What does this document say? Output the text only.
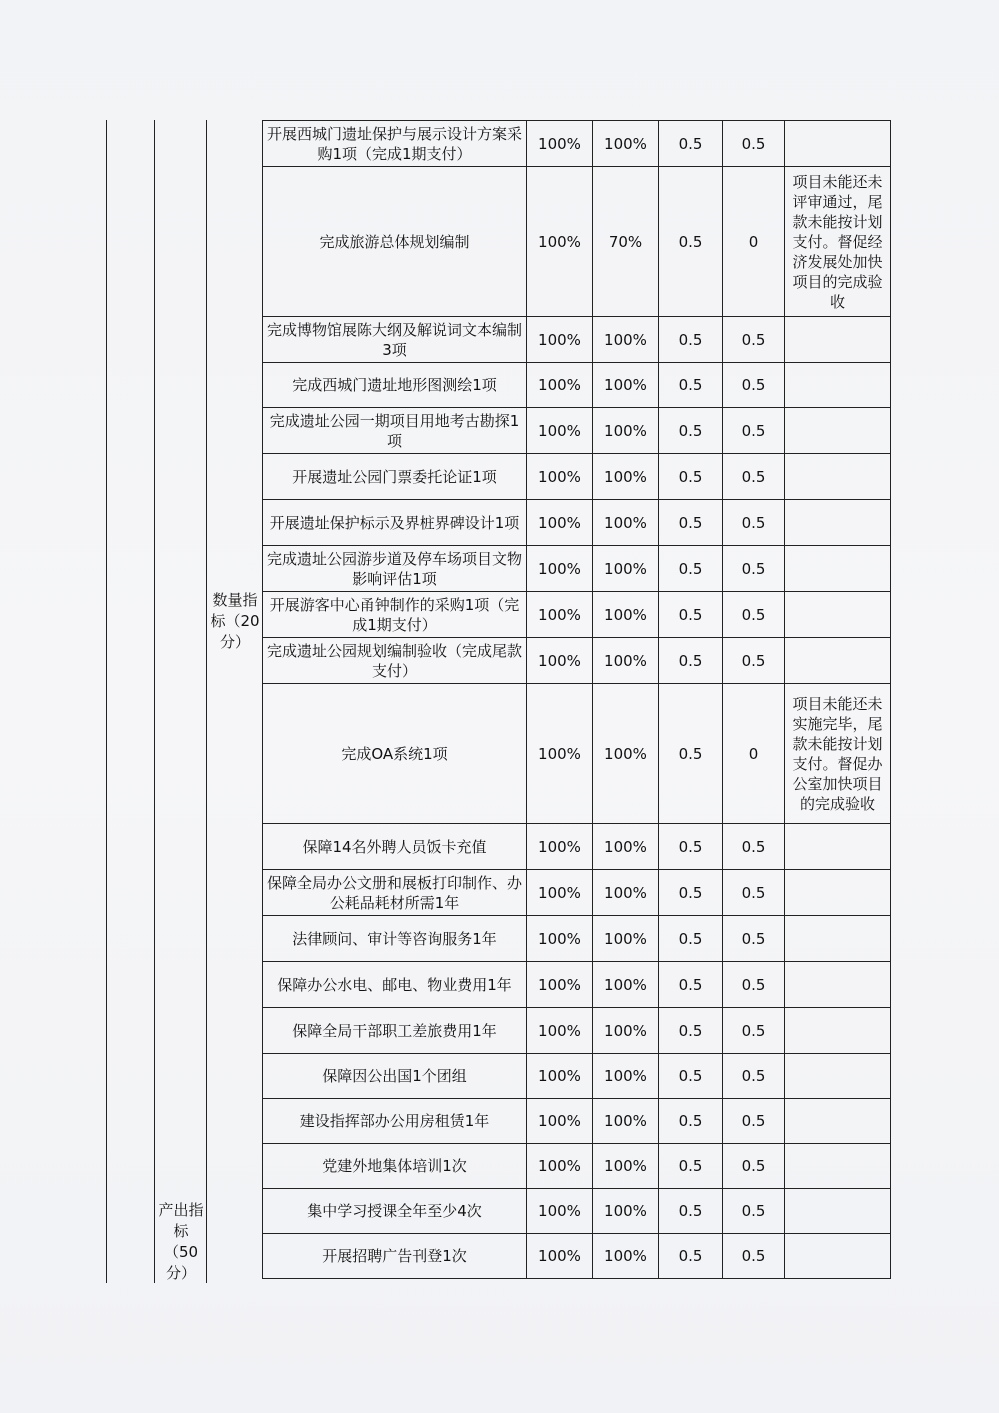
数量指标（20分）
产出指标（50分）
开展西城门遗址保护与展示设计方案采购1项（完成1期支付）	100%	100%	0.5	0.5	
完成旅游总体规划编制	100%	70%	0.5	0	项目未能还未评审通过，尾款未能按计划支付。督促经济发展处加快项目的完成验收
完成博物馆展陈大纲及解说词文本编制3项	100%	100%	0.5	0.5	
完成西城门遗址地形图测绘1项	100%	100%	0.5	0.5	
完成遗址公园一期项目用地考古勘探1项	100%	100%	0.5	0.5	
开展遗址公园门票委托论证1项	100%	100%	0.5	0.5	
开展遗址保护标示及界桩界碑设计1项	100%	100%	0.5	0.5	
完成遗址公园游步道及停车场项目文物影响评估1项	100%	100%	0.5	0.5	
开展游客中心甬钟制作的采购1项（完成1期支付）	100%	100%	0.5	0.5	
完成遗址公园规划编制验收（完成尾款支付）	100%	100%	0.5	0.5	
完成OA系统1项	100%	100%	0.5	0	项目未能还未实施完毕，尾款未能按计划支付。督促办公室加快项目的完成验收
保障14名外聘人员饭卡充值	100%	100%	0.5	0.5	
保障全局办公文册和展板打印制作、办公耗品耗材所需1年	100%	100%	0.5	0.5	
法律顾问、审计等咨询服务1年	100%	100%	0.5	0.5	
保障办公水电、邮电、物业费用1年	100%	100%	0.5	0.5	
保障全局干部职工差旅费用1年	100%	100%	0.5	0.5	
保障因公出国1个团组	100%	100%	0.5	0.5	
建设指挥部办公用房租赁1年	100%	100%	0.5	0.5	
党建外地集体培训1次	100%	100%	0.5	0.5	
集中学习授课全年至少4次	100%	100%	0.5	0.5	
开展招聘广告刊登1次	100%	100%	0.5	0.5	
